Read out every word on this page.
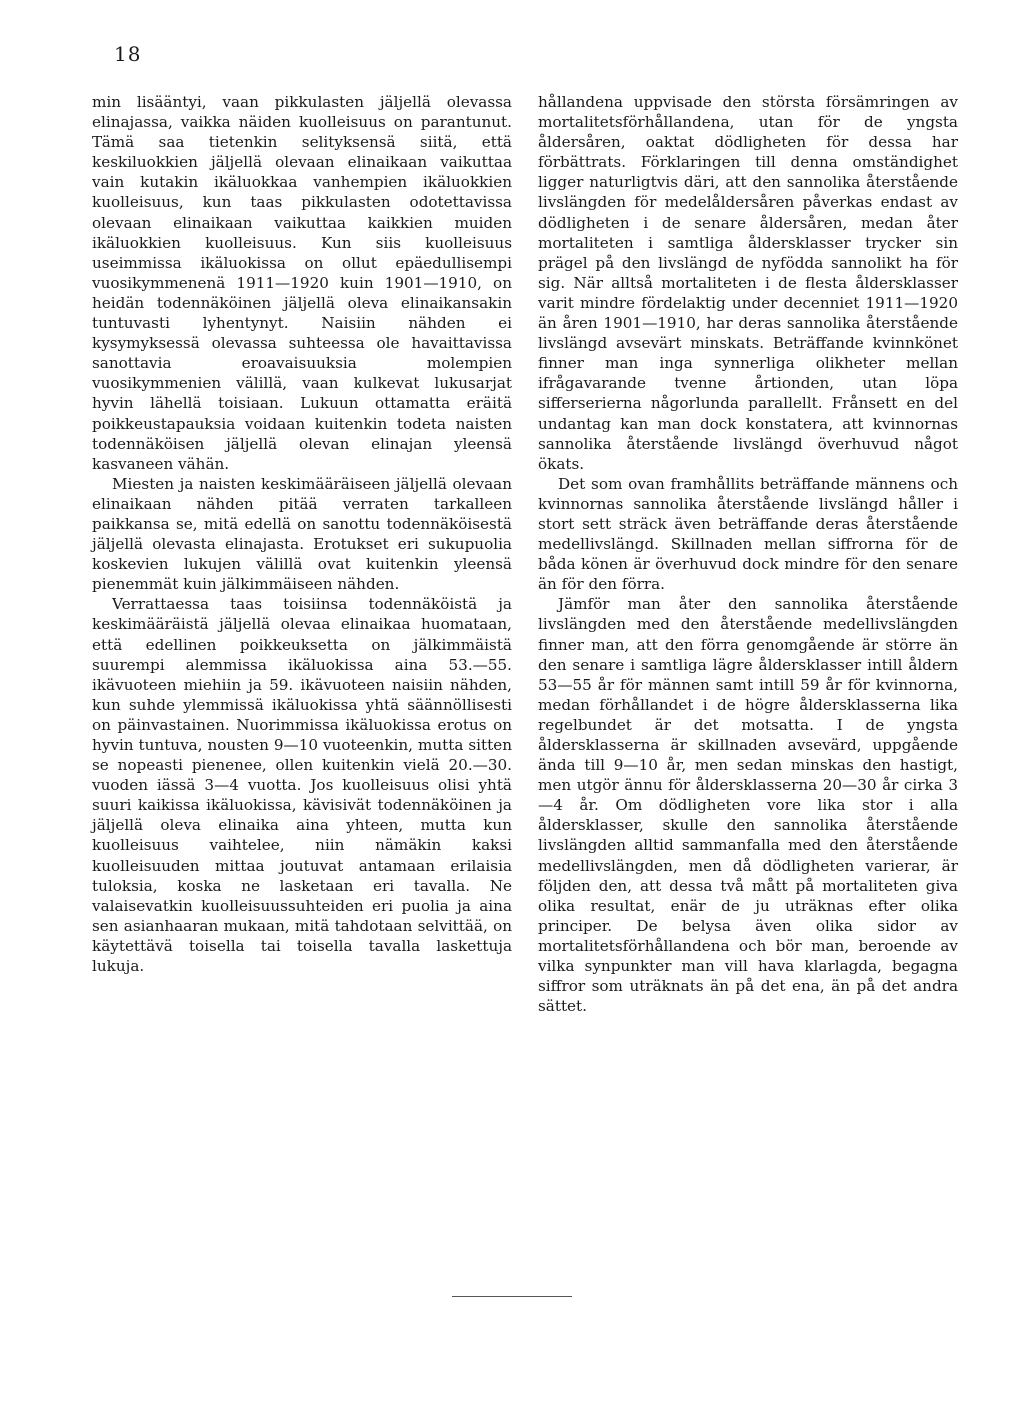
18

min lisääntyi, vaan pikkulasten jäljellä olevassa elinajassa, vaikka näiden kuolleisuus on parantunut. Tämä saa tietenkin selityksensä siitä, että keskiluokkien jäljellä olevaan elinaikaan vaikuttaa vain kutakin ikäluokkaa vanhempien ikäluokkien kuolleisuus, kun taas pikkulasten odotettavissa olevaan elinaikaan vaikuttaa kaikkien muiden ikäluokkien kuolleisuus. Kun siis kuolleisuus useimmissa ikäluokissa on ollut epäedullisempi vuosikymmenenä 1911—1920 kuin 1901—1910, on heidän todennäköinen jäljellä oleva elinaikansakin tuntuvasti lyhentynyt. Naisiin nähden ei kysymyksessä olevassa suhteessa ole havaittavissa sanottavia eroavaisuuksia molempien vuosikymmenien välillä, vaan kulkevat lukusarjat hyvin lähellä toisiaan. Lukuun ottamatta eräitä poikkeustapauksia voidaan kuitenkin todeta naisten todennäköisen jäljellä olevan elinajan yleensä kasvaneen vähän.

Miesten ja naisten keskimääräiseen jäljellä olevaan elinaikaan nähden pitää verraten tarkalleen paikkansa se, mitä edellä on sanottu todennäköisestä jäljellä olevasta elinajasta. Erotukset eri sukupuolia koskevien lukujen välillä ovat kuitenkin yleensä pienemmät kuin jälkimmäiseen nähden.

Verrattaessa taas toisiinsa todennäköistä ja keskimääräistä jäljellä olevaa elinaikaa huomataan, että edellinen poikkeuksetta on jälkimmäistä suurempi alemmissa ikäluokissa aina 53.—55. ikävuoteen miehiin ja 59. ikävuoteen naisiin nähden, kun suhde ylemmissä ikäluokissa yhtä säännöllisesti on päinvastainen. Nuorimmissa ikäluokissa erotus on hyvin tuntuva, nousten 9—10 vuoteenkin, mutta sitten se nopeasti pienenee, ollen kuitenkin vielä 20.—30. vuoden iässä 3—4 vuotta. Jos kuolleisuus olisi yhtä suuri kaikissa ikäluokissa, kävisivät todennäköinen ja jäljellä oleva elinaika aina yhteen, mutta kun kuolleisuus vaihtelee, niin nämäkin kaksi kuolleisuuden mittaa joutuvat antamaan erilaisia tuloksia, koska ne lasketaan eri tavalla. Ne valaisevatkin kuolleisuussuhteiden eri puolia ja aina sen asianhaaran mukaan, mitä tahdotaan selvittää, on käytettävä toisella tai toisella tavalla laskettuja lukuja.

hållandena uppvisade den största försämringen av mortalitetsförhållandena, utan för de yngsta åldersåren, oaktat dödligheten för dessa har förbättrats. Förklaringen till denna omständighet ligger naturligtvis däri, att den sannolika återstående livslängden för medelåldersåren påverkas endast av dödligheten i de senare åldersåren, medan åter mortaliteten i samtliga åldersklasser trycker sin prägel på den livslängd de nyfödda sannolikt ha för sig. När alltså mortaliteten i de flesta åldersklasser varit mindre fördelaktig under decenniet 1911—1920 än åren 1901—1910, har deras sannolika återstående livslängd avsevärt minskats. Beträffande kvinnkönet finner man inga synnerliga olikheter mellan ifrågavarande tvenne årtionden, utan löpa sifferserierna någorlunda parallellt. Frånsett en del undantag kan man dock konstatera, att kvinnornas sannolika återstående livslängd överhuvud något ökats.

Det som ovan framhållits beträffande männens och kvinnornas sannolika återstående livslängd håller i stort sett sträck även beträffande deras återstående medellivslängd. Skillnaden mellan siffrorna för de båda könen är överhuvud dock mindre för den senare än för den förra.

Jämför man åter den sannolika återstående livslängden med den återstående medellivslängden finner man, att den förra genomgående är större än den senare i samtliga lägre åldersklasser intill åldern 53—55 år för männen samt intill 59 år för kvinnorna, medan förhållandet i de högre åldersklasserna lika regelbundet är det motsatta. I de yngsta åldersklasserna är skillnaden avsevärd, uppgående ända till 9—10 år, men sedan minskas den hastigt, men utgör ännu för åldersklasserna 20—30 år cirka 3—4 år. Om dödligheten vore lika stor i alla åldersklasser, skulle den sannolika återstående livslängden alltid sammanfalla med den återstående medellivslängden, men då dödligheten varierar, är följden den, att dessa två mått på mortaliteten giva olika resultat, enär de ju uträknas efter olika principer. De belysa även olika sidor av mortalitetsförhållandena och bör man, beroende av vilka synpunkter man vill hava klarlagda, begagna siffror som uträknats än på det ena, än på det andra sättet.
